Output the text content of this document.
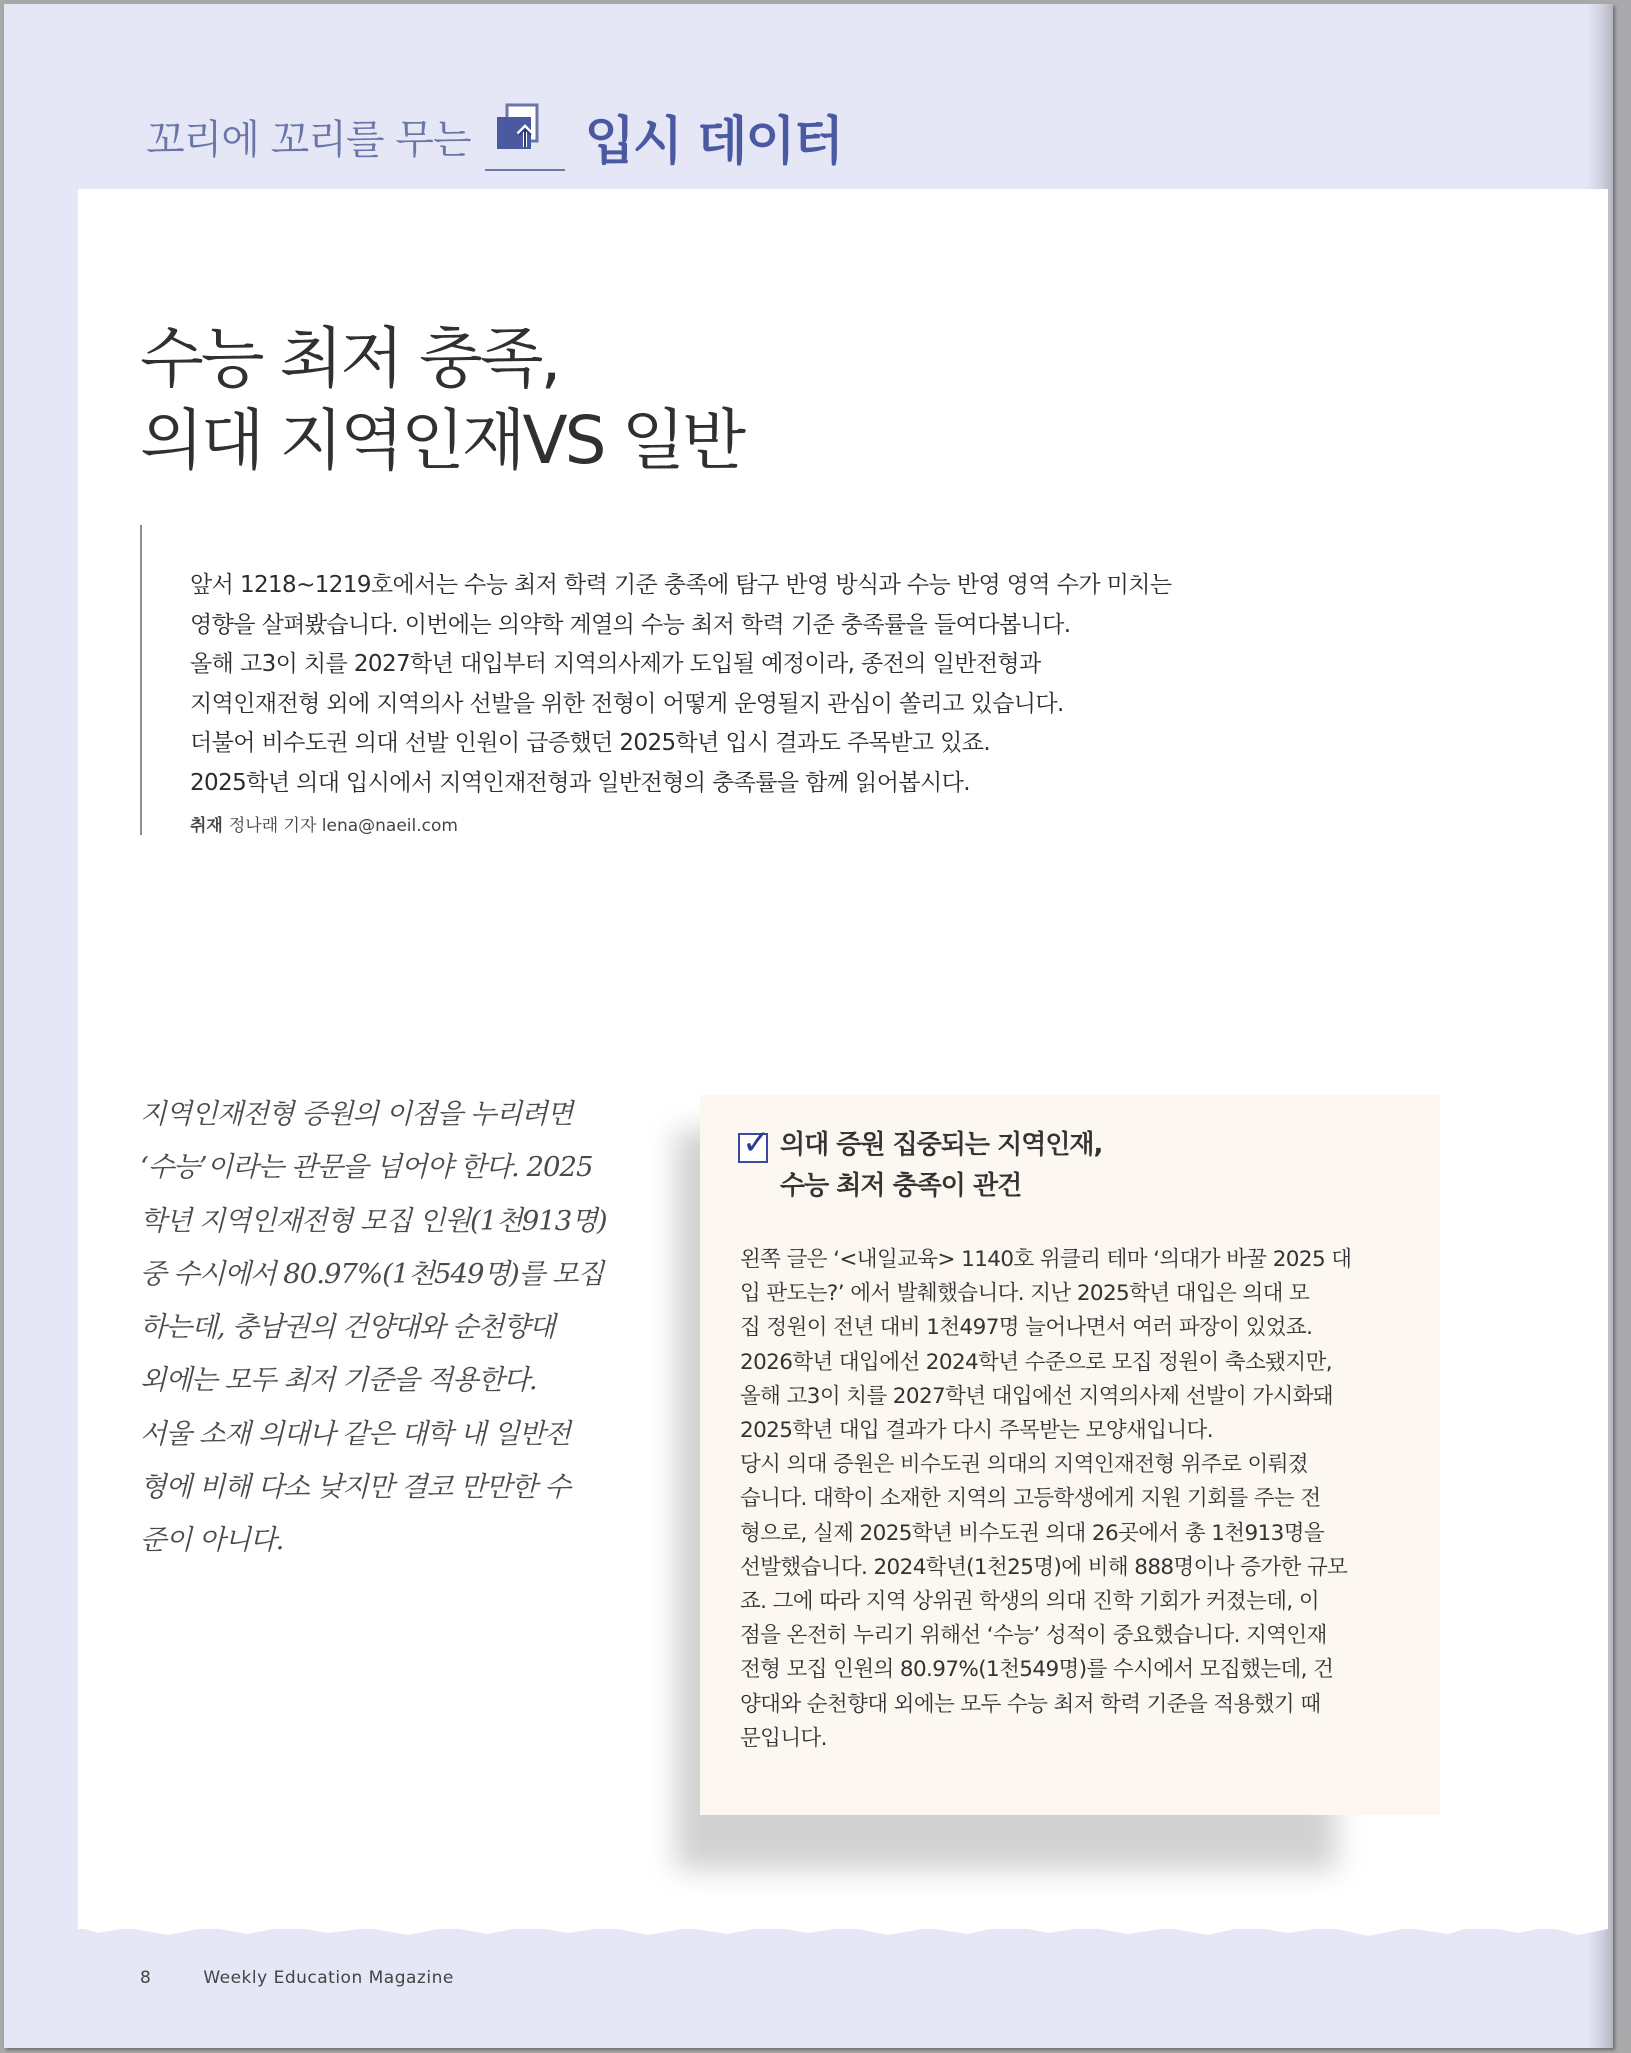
꼬리에 꼬리를 무는 입시 데이터
수능 최저 충족,
의대 지역인재VS 일반

앞서 1218~1219호에서는 수능 최저 학력 기준 충족에 탐구 반영 방식과 수능 반영 영역 수가 미치는

영향을 살펴봤습니다. 이번에는 의약학 계열의 수능 최저 학력 기준 충족률을 들여다봅니다.

올해 고3이 치를 2027학년 대입부터 지역의사제가 도입될 예정이라, 종전의 일반전형과

지역인재전형 외에 지역의사 선발을 위한 전형이 어떻게 운영될지 관심이 쏠리고 있습니다.

더불어 비수도권 의대 선발 인원이 급증했던 2025학년 입시 결과도 주목받고 있죠.

2025학년 의대 입시에서 지역인재전형과 일반전형의 충족률을 함께 읽어봅시다.

취재 정나래 기자 lena@naeil.com
지역인재전형 증원의 이점을 누리려면
‘수능’이라는 관문을 넘어야 한다. 2025
학년 지역인재전형 모집 인원(1천913명)
중 수시에서 80.97%(1천549명)를 모집
하는데, 충남권의 건양대와 순천향대
외에는 모두 최저 기준을 적용한다.
서울 소재 의대나 같은 대학 내 일반전
형에 비해 다소 낮지만 결코 만만한 수
준이 아니다.
✓ 의대 증원 집중되는 지역인재,
수능 최저 충족이 관건
왼쪽 글은 ‘<내일교육> 1140호 위클리 테마 ‘의대가 바꿀 2025 대
입 판도는?’ 에서 발췌했습니다. 지난 2025학년 대입은 의대 모
집 정원이 전년 대비 1천497명 늘어나면서 여러 파장이 있었죠.
2026학년 대입에선 2024학년 수준으로 모집 정원이 축소됐지만,
올해 고3이 치를 2027학년 대입에선 지역의사제 선발이 가시화돼
2025학년 대입 결과가 다시 주목받는 모양새입니다.
당시 의대 증원은 비수도권 의대의 지역인재전형 위주로 이뤄졌
습니다. 대학이 소재한 지역의 고등학생에게 지원 기회를 주는 전
형으로, 실제 2025학년 비수도권 의대 26곳에서 총 1천913명을
선발했습니다. 2024학년(1천25명)에 비해 888명이나 증가한 규모
죠. 그에 따라 지역 상위권 학생의 의대 진학 기회가 커졌는데, 이
점을 온전히 누리기 위해선 ‘수능’ 성적이 중요했습니다. 지역인재
전형 모집 인원의 80.97%(1천549명)를 수시에서 모집했는데, 건
양대와 순천향대 외에는 모두 수능 최저 학력 기준을 적용했기 때
문입니다.
8	Weekly Education Magazine
